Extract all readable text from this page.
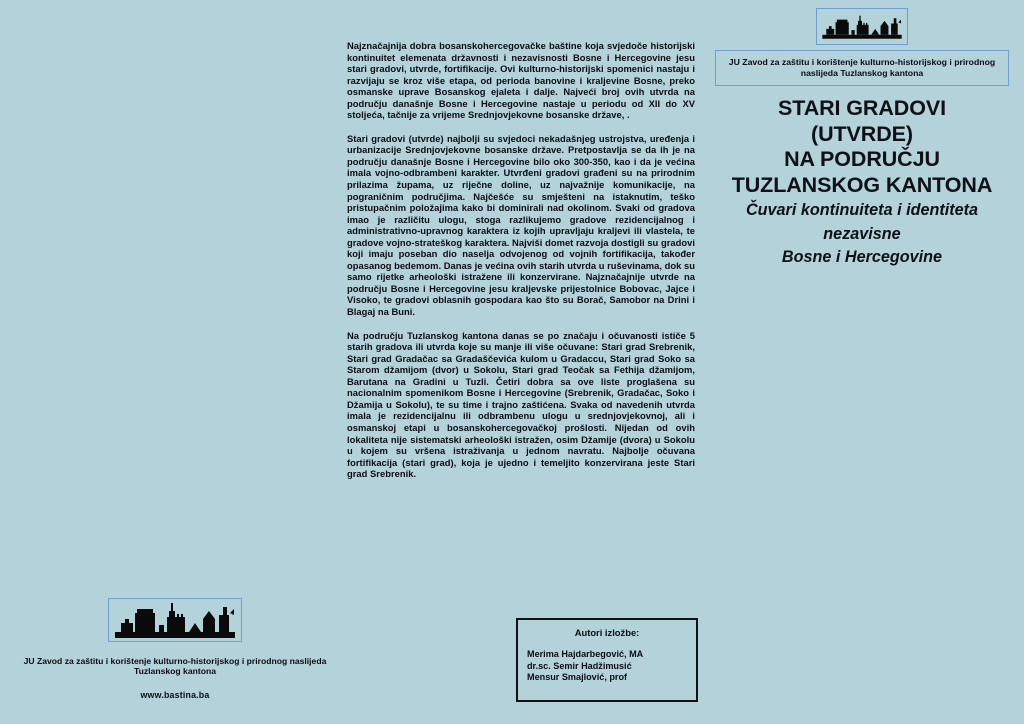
Najznačajnija dobra bosanskohercegovačke baštine koja svjedoče historijski kontinuitet elemenata državnosti i nezavisnosti Bosne i Hercegovine jesu stari gradovi, utvrde, fortifikacije. Ovi kulturno-historijski spomenici nastaju i razvijaju se kroz više etapa, od perioda banovine i kraljevine Bosne, preko osmanske uprave Bosanskog ejaleta i dalje. Najveći broj ovih utvrda na području današnje Bosne i Hercegovine nastaje u periodu od XII do XV stoljeća, tačnije za vrijeme Srednjovjekovne bosanske države, .

Stari gradovi (utvrde) najbolji su svjedoci nekadašnjeg ustrojstva, uređenja i urbanizacije Srednjovjekovne bosanske države. Pretpostavlja se da ih je na području današnje Bosne i Hercegovine bilo oko 300-350, kao i da je većina imala vojno-odbrambeni karakter. Utvrđeni gradovi građeni su na prirodnim prilazima župama, uz riječne doline, uz najvažnije komunikacije, na pograničnim područjima. Najčešće su smješteni na istaknutim, teško pristupačnim položajima kako bi dominirali nad okolinom. Svaki od gradova imao je različitu ulogu, stoga razlikujemo gradove rezidencijalnog i administrativno-upravnog karaktera iz kojih upravljaju kraljevi ili vlastela, te gradove vojno-strateškog karaktera. Najviši domet razvoja dostigli su gradovi koji imaju poseban dio naselja odvojenog od vojnih fortifikacija, također opasanog bedemom. Danas je većina ovih starih utvrda u ruševinama, dok su samo rijetke arheološki istražene ili konzervirane. Najznačajnije utvrde na području Bosne i Hercegovine jesu kraljevske prijestolnice Bobovac, Jajce i Visoko, te gradovi oblasnih gospodara kao što su Borač, Samobor na Drini i Blagaj na Buni.

Na području Tuzlanskog kantona danas se po značaju i očuvanosti ističe 5 starih gradova ili utvrda koje su manje ili više očuvane: Stari grad Srebrenik, Stari grad Gradačac sa Gradaščevića kulom u Gradaccu, Stari grad Soko sa Starom džamijom (dvor) u Sokolu, Stari grad Teočak sa Fethija džamijom, Barutana na Gradini u Tuzli. Četiri dobra sa ove liste proglašena su nacionalnim spomenikom Bosne i Hercegovine (Srebrenik, Gradačac, Soko i Džamija u Sokolu), te su time i trajno zaštićena. Svaka od navedenih utvrda imala je rezidencijalnu ili odbrambenu ulogu u srednjovjekovnoj, ali i osmanskoj etapi u bosanskohercegovačkoj prošlosti. Nijedan od ovih lokaliteta nije sistematski arheološki istražen, osim Džamije (dvora) u Sokolu u kojem su vršena istraživanja u jednom navratu. Najbolje očuvana fortifikacija (stari grad), koja je ujedno i temeljito konzervirana jeste Stari grad Srebrenik.

JU Zavod za zaštitu i korištenje kulturno-historijskog i prirodnog naslijeda Tuzlanskog kantona
www.bastina.ba
Autori izložbe:
Merima Hajdarbegović, MA
dr.sc. Semir Hadžimusić
Mensur Smajlović, prof
JU Zavod za zaštitu i korištenje kulturno-historijskog i prirodnog naslijeda Tuzlanskog kantona
STARI GRADOVI
(UTVRDE)
NA PODRUČJU
TUZLANSKOG KANTONA
Čuvari kontinuiteta i identiteta
nezavisne
Bosne i Hercegovine
